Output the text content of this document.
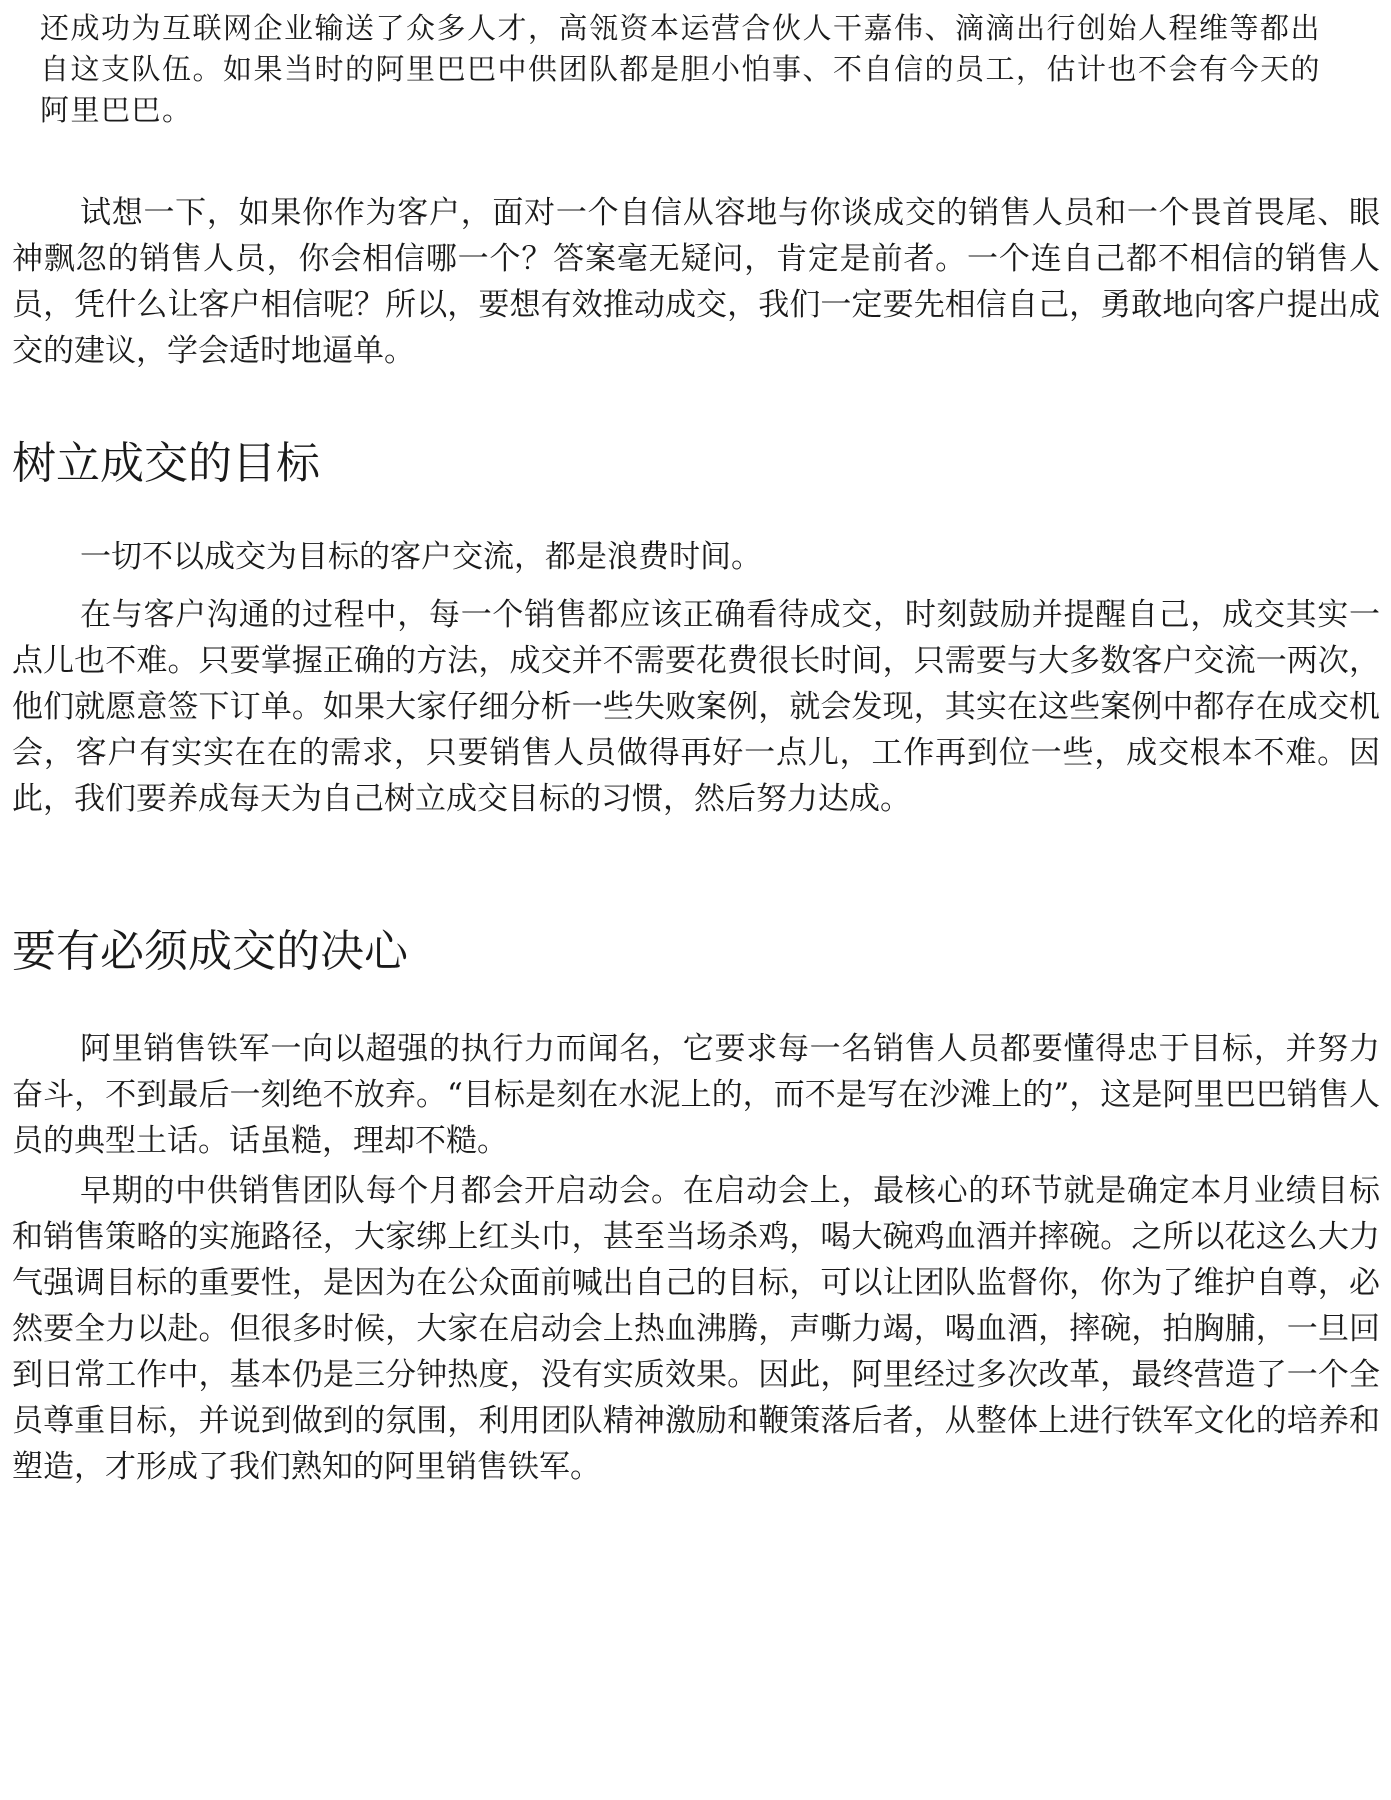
还成功为互联网企业输送了众多人才，高瓴资本运营合伙人干嘉伟、滴滴出行创始人程维等都出自这支队伍。如果当时的阿里巴巴中供团队都是胆小怕事、不自信的员工，估计也不会有今天的阿里巴巴。

试想一下，如果你作为客户，面对一个自信从容地与你谈成交的销售人员和一个畏首畏尾、眼神飘忽的销售人员，你会相信哪一个？答案毫无疑问，肯定是前者。一个连自己都不相信的销售人员，凭什么让客户相信呢？所以，要想有效推动成交，我们一定要先相信自己，勇敢地向客户提出成交的建议，学会适时地逼单。

树立成交的目标

一切不以成交为目标的客户交流，都是浪费时间。

在与客户沟通的过程中，每一个销售都应该正确看待成交，时刻鼓励并提醒自己，成交其实一点儿也不难。只要掌握正确的方法，成交并不需要花费很长时间，只需要与大多数客户交流一两次，他们就愿意签下订单。如果大家仔细分析一些失败案例，就会发现，其实在这些案例中都存在成交机会，客户有实实在在的需求，只要销售人员做得再好一点儿，工作再到位一些，成交根本不难。因此，我们要养成每天为自己树立成交目标的习惯，然后努力达成。

要有必须成交的决心

阿里销售铁军一向以超强的执行力而闻名，它要求每一名销售人员都要懂得忠于目标，并努力奋斗，不到最后一刻绝不放弃。“目标是刻在水泥上的，而不是写在沙滩上的”，这是阿里巴巴销售人员的典型土话。话虽糙，理却不糙。

早期的中供销售团队每个月都会开启动会。在启动会上，最核心的环节就是确定本月业绩目标和销售策略的实施路径，大家绑上红头巾，甚至当场杀鸡，喝大碗鸡血酒并摔碗。之所以花这么大力气强调目标的重要性，是因为在公众面前喊出自己的目标，可以让团队监督你，你为了维护自尊，必然要全力以赴。但很多时候，大家在启动会上热血沸腾，声嘶力竭，喝血酒，摔碗，拍胸脯，一旦回到日常工作中，基本仍是三分钟热度，没有实质效果。因此，阿里经过多次改革，最终营造了一个全员尊重目标，并说到做到的氛围，利用团队精神激励和鞭策落后者，从整体上进行铁军文化的培养和塑造，才形成了我们熟知的阿里销售铁军。
